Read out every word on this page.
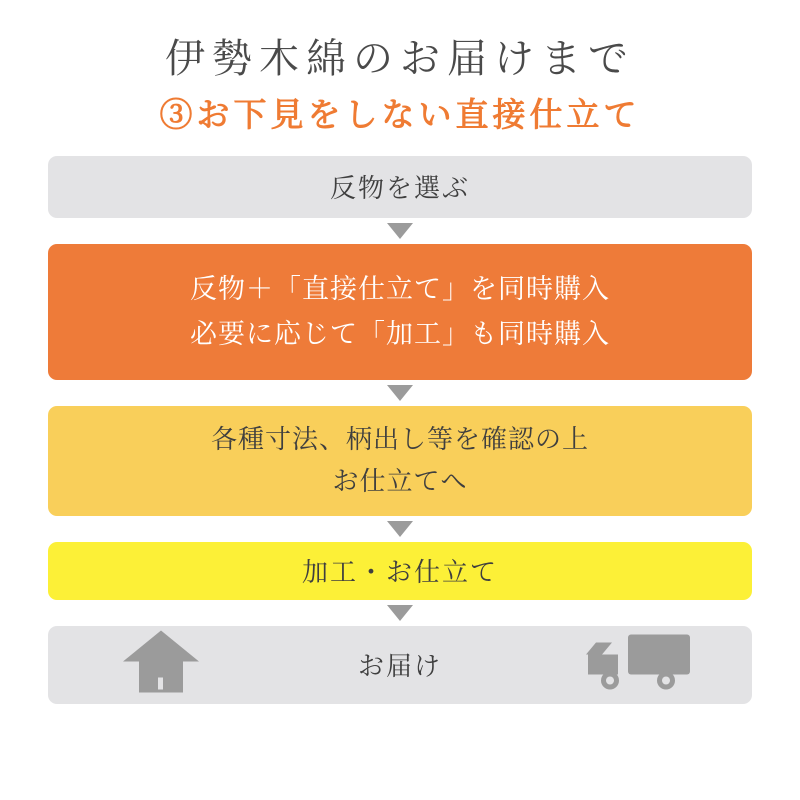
伊勢木綿のお届けまで
③お下見をしない直接仕立て
反物を選ぶ
反物＋「直接仕立て」を同時購入
必要に応じて「加工」も同時購入
各種寸法、柄出し等を確認の上
お仕立てへ
加工・お仕立て
お届け
